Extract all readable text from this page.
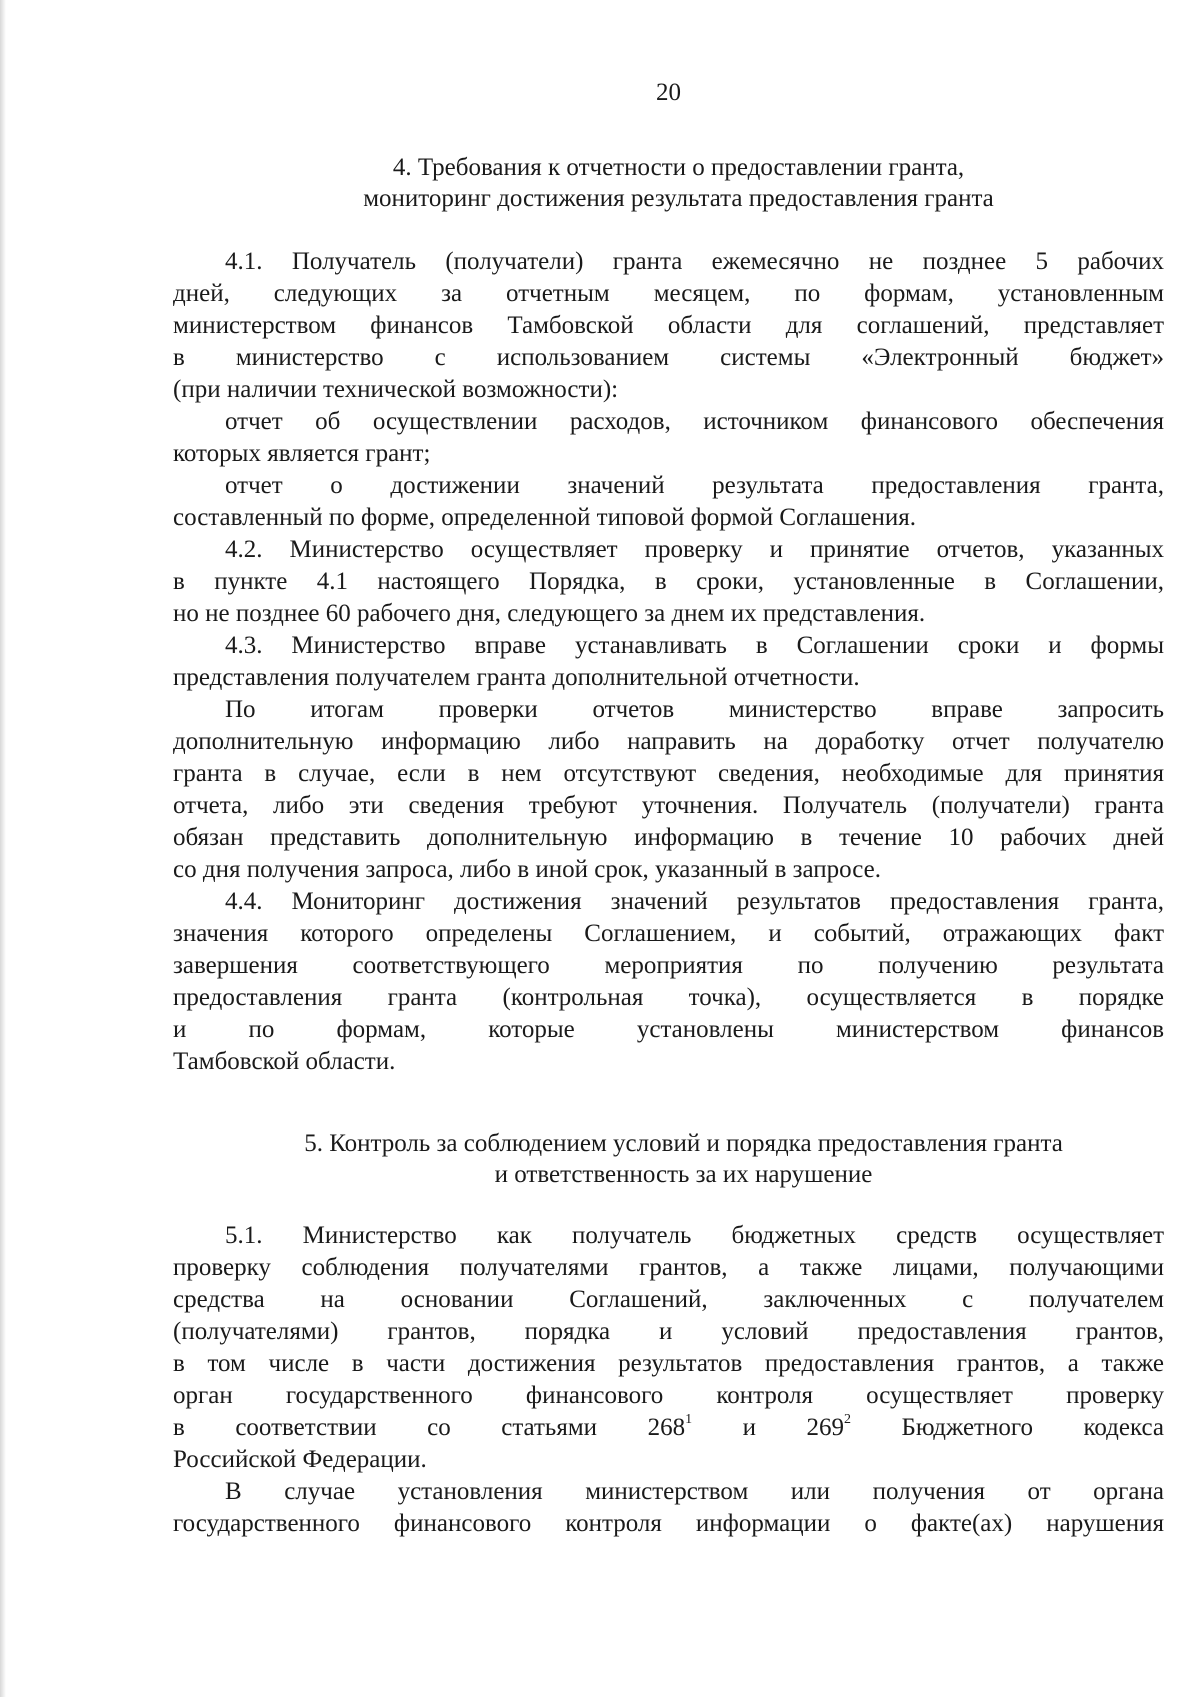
20
4. Требования к отчетности о предоставлении гранта,
мониторинг достижения результата предоставления гранта
4.1. Получатель (получатели) гранта ежемесячно не позднее 5 рабочих
дней, следующих за отчетным месяцем, по формам, установленным
министерством финансов Тамбовской области для соглашений, представляет
в министерство с использованием системы «Электронный бюджет»
(при наличии технической возможности):
отчет об осуществлении расходов, источником финансового обеспечения
которых является грант;
отчет о достижении значений результата предоставления гранта,
составленный по форме, определенной типовой формой Соглашения.
4.2. Министерство осуществляет проверку и принятие отчетов, указанных
в пункте 4.1 настоящего Порядка, в сроки, установленные в Соглашении,
но не позднее 60 рабочего дня, следующего за днем их представления.
4.3. Министерство вправе устанавливать в Соглашении сроки и формы
представления получателем гранта дополнительной отчетности.
По итогам проверки отчетов министерство вправе запросить
дополнительную информацию либо направить на доработку отчет получателю
гранта в случае, если в нем отсутствуют сведения, необходимые для принятия
отчета, либо эти сведения требуют уточнения. Получатель (получатели) гранта
обязан представить дополнительную информацию в течение 10 рабочих дней
со дня получения запроса, либо в иной срок, указанный в запросе.
4.4. Мониторинг достижения значений результатов предоставления гранта,
значения которого определены Соглашением, и событий, отражающих факт
завершения соответствующего мероприятия по получению результата
предоставления гранта (контрольная точка), осуществляется в порядке
и по формам, которые установлены министерством финансов
Тамбовской области.
5. Контроль за соблюдением условий и порядка предоставления гранта
и ответственность за их нарушение
5.1. Министерство как получатель бюджетных средств осуществляет
проверку соблюдения получателями грантов, а также лицами, получающими
средства на основании Соглашений, заключенных с получателем
(получателями) грантов, порядка и условий предоставления грантов,
в том числе в части достижения результатов предоставления грантов, а также
орган государственного финансового контроля осуществляет проверку
в соответствии со статьями $268^1$ и $269^2$ Бюджетного кодекса
Российской Федерации.
В случае установления министерством или получения от органа
государственного финансового контроля информации о факте(ах) нарушения
